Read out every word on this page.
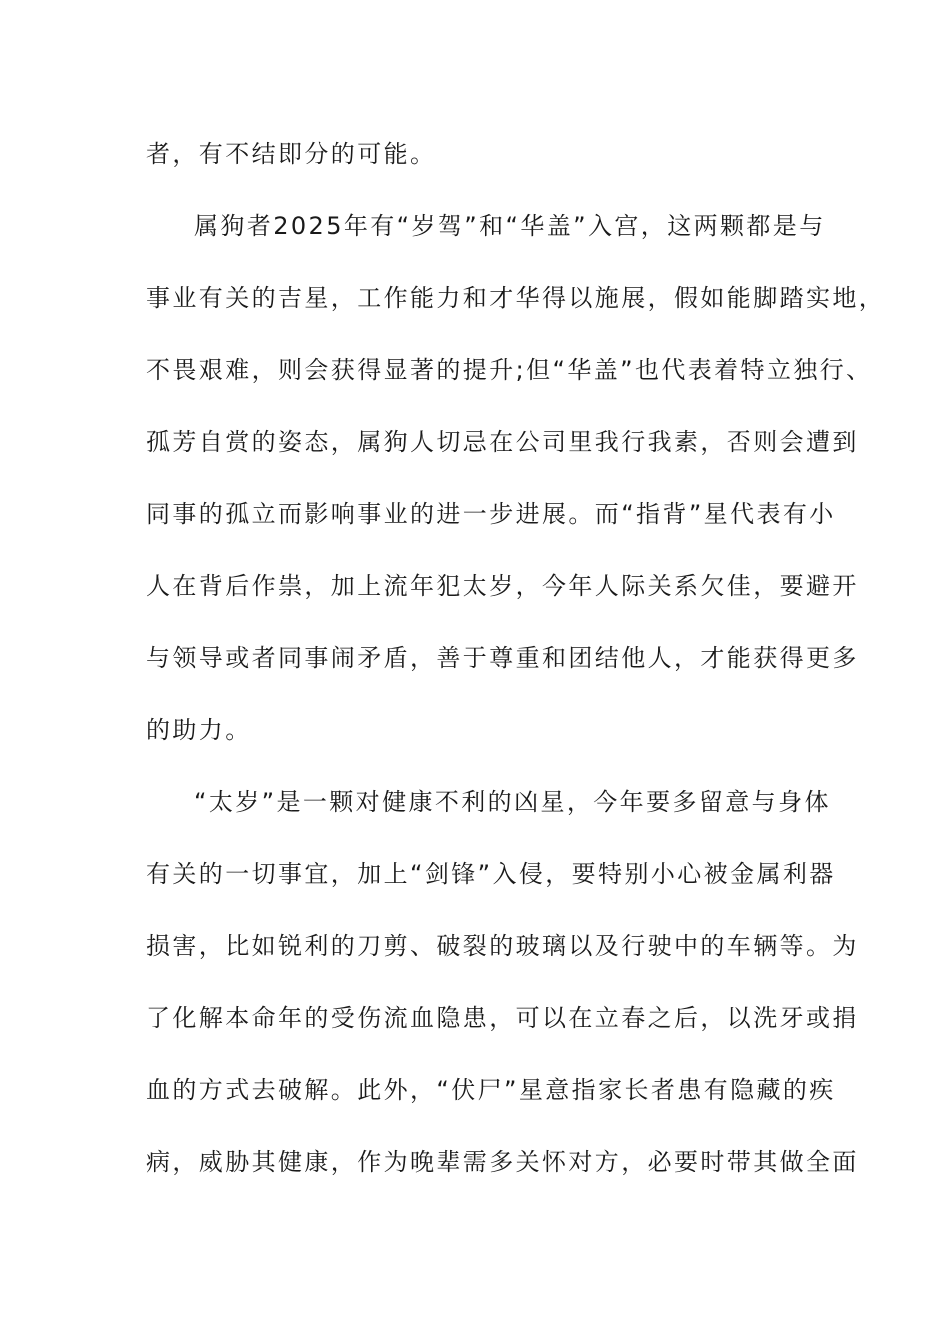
者，有不结即分的可能。
属狗者2025年有“岁驾”和“华盖”入宫，这两颗都是与
事业有关的吉星，工作能力和才华得以施展，假如能脚踏实地，
不畏艰难，则会获得显著的提升;但“华盖”也代表着特立独行、
孤芳自赏的姿态，属狗人切忌在公司里我行我素，否则会遭到
同事的孤立而影响事业的进一步进展。而“指背”星代表有小
人在背后作祟，加上流年犯太岁，今年人际关系欠佳，要避开
与领导或者同事闹矛盾，善于尊重和团结他人，才能获得更多
的助力。
“太岁”是一颗对健康不利的凶星，今年要多留意与身体
有关的一切事宜，加上“剑锋”入侵，要特别小心被金属利器
损害，比如锐利的刀剪、破裂的玻璃以及行驶中的车辆等。为
了化解本命年的受伤流血隐患，可以在立春之后，以洗牙或捐
血的方式去破解。此外，“伏尸”星意指家长者患有隐藏的疾
病，威胁其健康，作为晚辈需多关怀对方，必要时带其做全面
